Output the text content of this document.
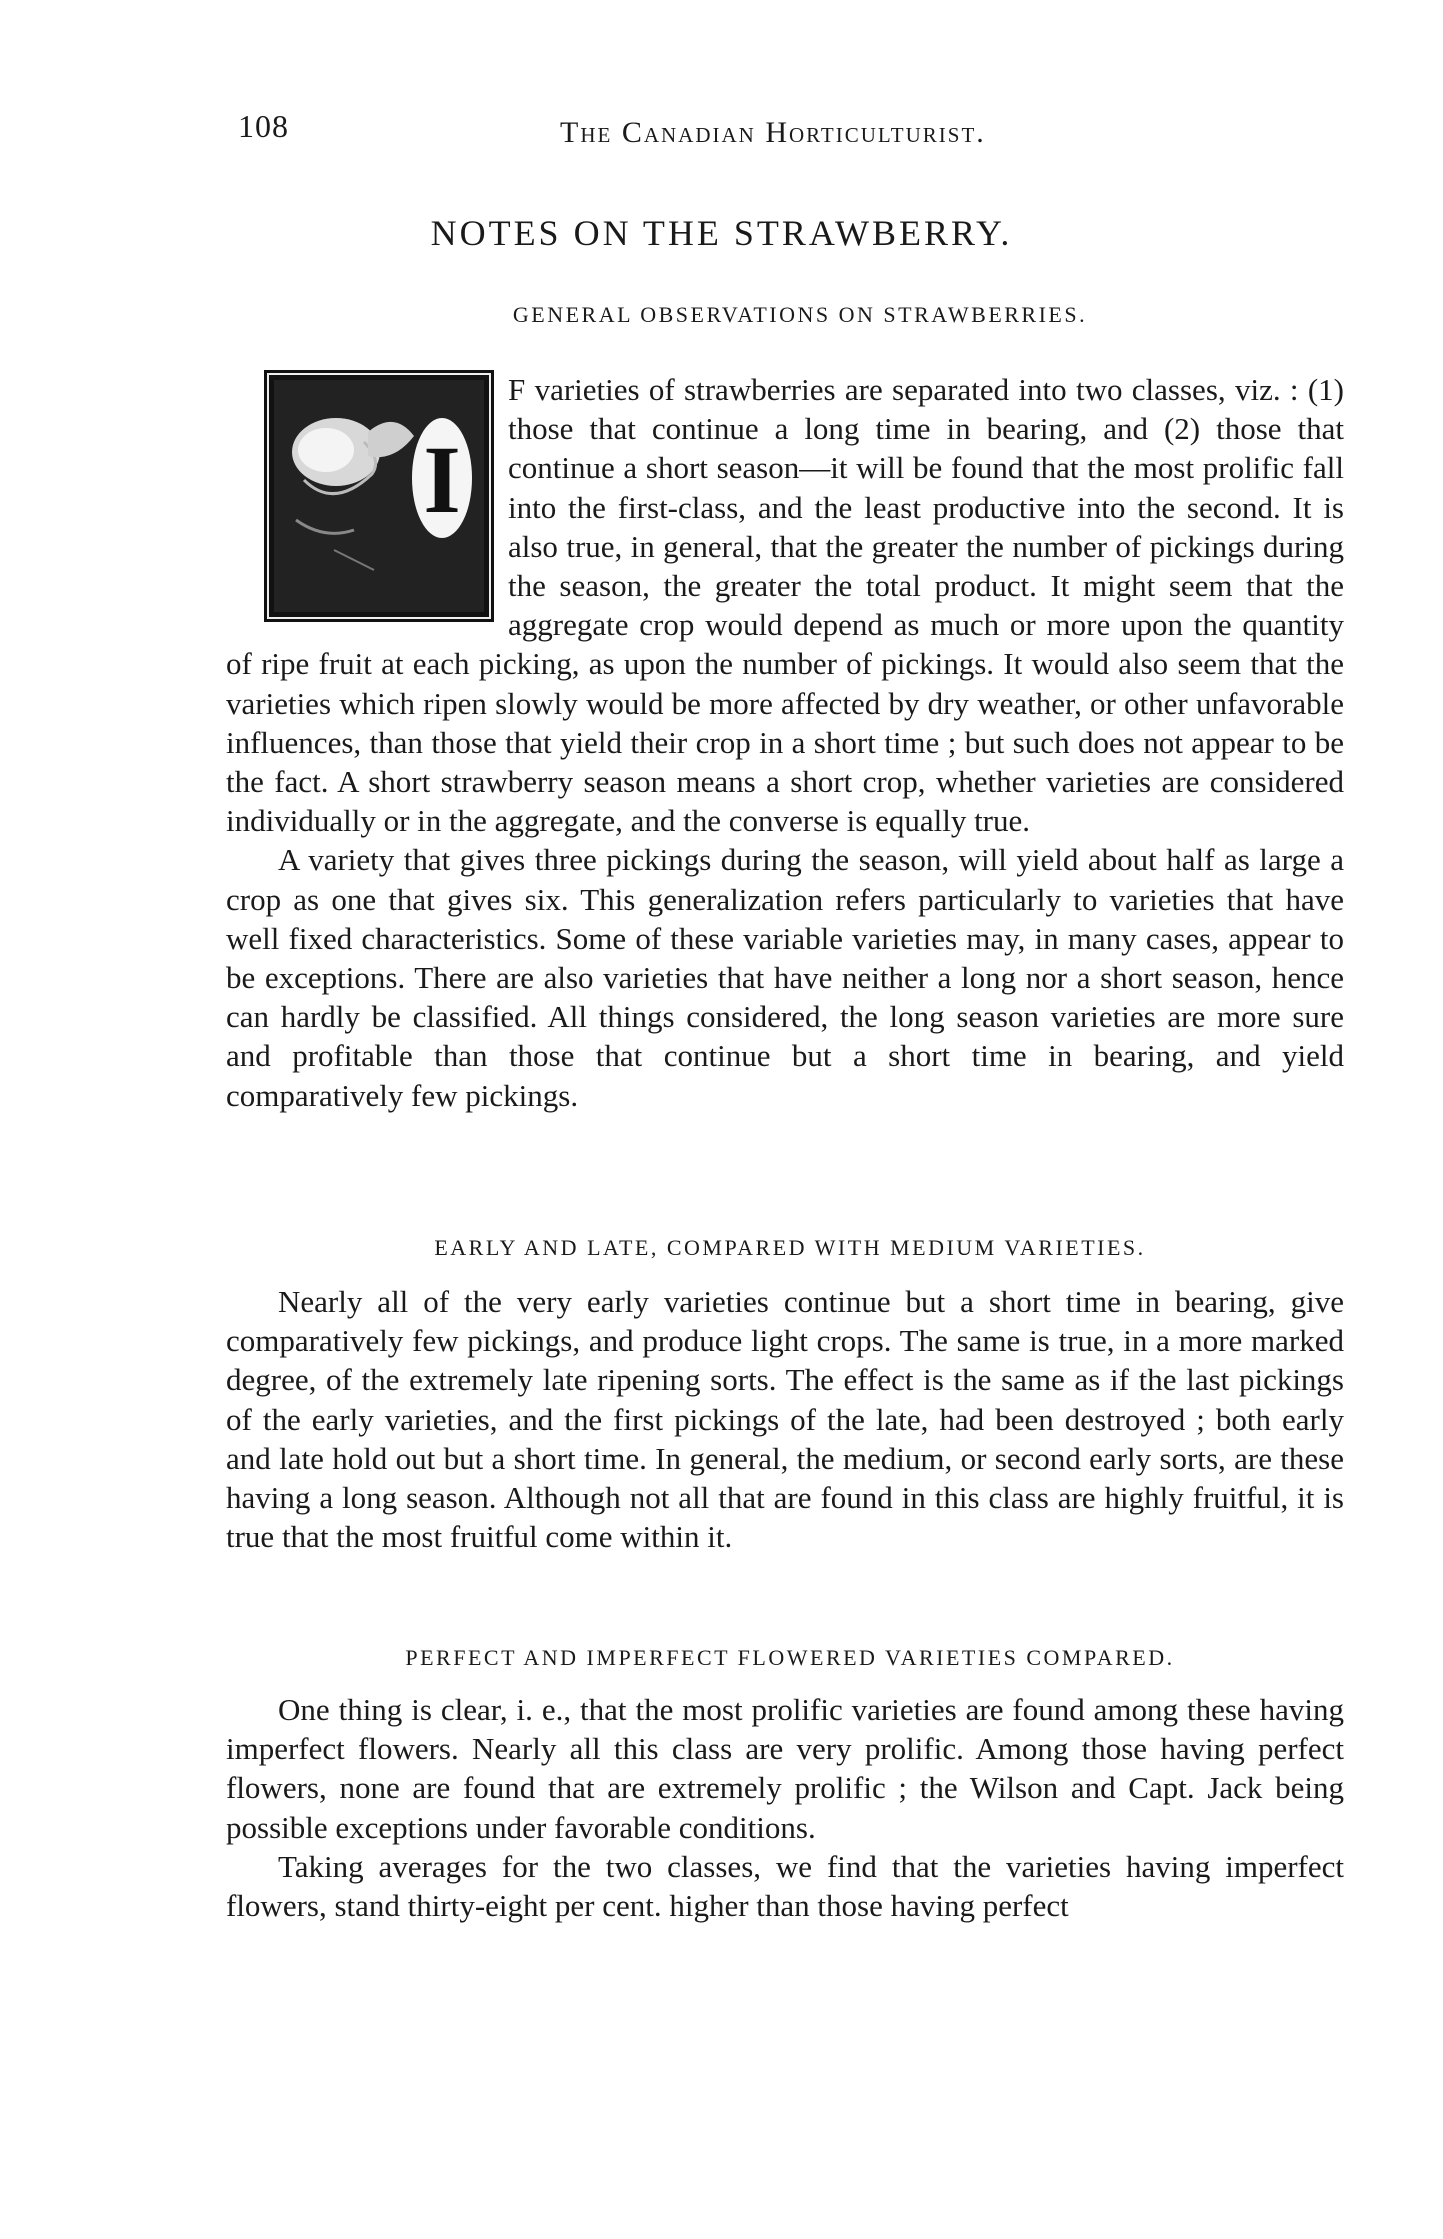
108	The Canadian Horticulturist.
NOTES ON THE STRAWBERRY.
GENERAL OBSERVATIONS ON STRAWBERRIES.
I

F varieties of strawberries are separated into two classes, viz. : (1) those that continue a long time in bearing, and (2) those that continue a short season—it will be found that the most prolific fall into the first-class, and the least productive into the second. It is also true, in general, that the greater the number of pickings during the season, the greater the total product. It might seem that the aggregate crop would depend as much or more upon the quantity of ripe fruit at each picking, as upon the number of pickings. It would also seem that the varieties which ripen slowly would be more affected by dry weather, or other unfavorable influences, than those that yield their crop in a short time ; but such does not appear to be the fact. A short strawberry season means a short crop, whether varieties are considered individually or in the aggregate, and the converse is equally true.

A variety that gives three pickings during the season, will yield about half as large a crop as one that gives six. This generalization refers particularly to varieties that have well fixed characteristics. Some of these variable varieties may, in many cases, appear to be exceptions. There are also varieties that have neither a long nor a short season, hence can hardly be classified. All things considered, the long season varieties are more sure and profitable than those that continue but a short time in bearing, and yield comparatively few pickings.

EARLY AND LATE, COMPARED WITH MEDIUM VARIETIES.

Nearly all of the very early varieties continue but a short time in bearing, give comparatively few pickings, and produce light crops. The same is true, in a more marked degree, of the extremely late ripening sorts. The effect is the same as if the last pickings of the early varieties, and the first pickings of the late, had been destroyed ; both early and late hold out but a short time. In general, the medium, or second early sorts, are these having a long season. Although not all that are found in this class are highly fruitful, it is true that the most fruitful come within it.

PERFECT AND IMPERFECT FLOWERED VARIETIES COMPARED.

One thing is clear, i. e., that the most prolific varieties are found among these having imperfect flowers. Nearly all this class are very prolific. Among those having perfect flowers, none are found that are extremely prolific ; the Wilson and Capt. Jack being possible exceptions under favorable conditions.

Taking averages for the two classes, we find that the varieties having imperfect flowers, stand thirty-eight per cent. higher than those having perfect
